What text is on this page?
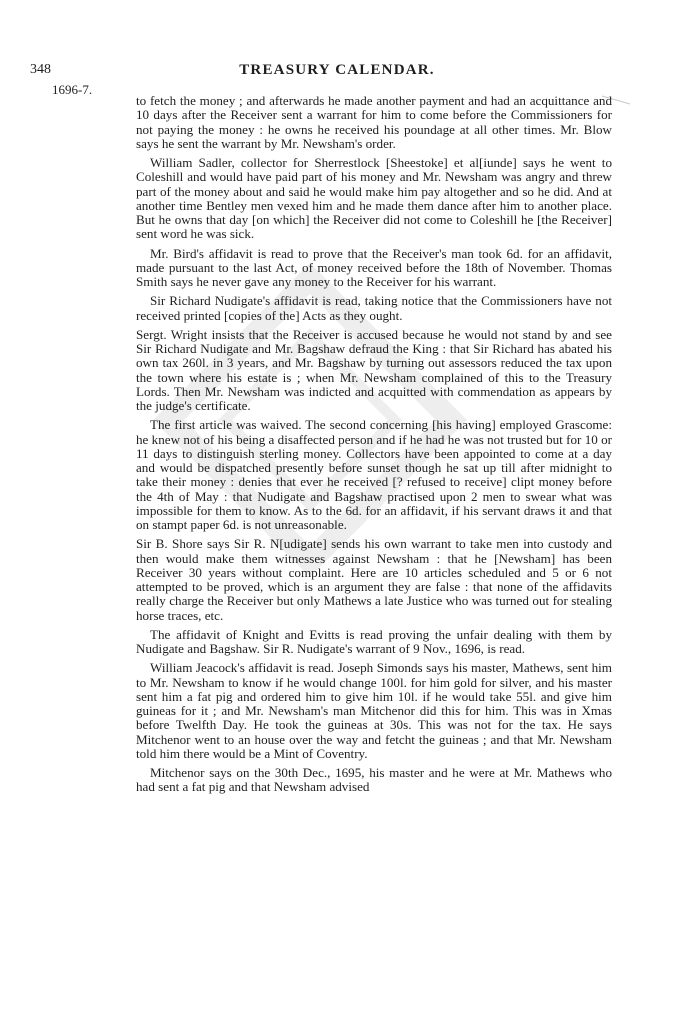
348	TREASURY CALENDAR.
1696-7.

to fetch the money ; and afterwards he made another payment and had an acquittance and 10 days after the Receiver sent a warrant for him to come before the Commissioners for not paying the money : he owns he received his poundage at all other times. Mr. Blow says he sent the warrant by Mr. Newsham's order.

William Sadler, collector for Sherrestlock [Sheestoke] et al[iunde] says he went to Coleshill and would have paid part of his money and Mr. Newsham was angry and threw part of the money about and said he would make him pay altogether and so he did. And at another time Bentley men vexed him and he made them dance after him to another place. But he owns that day [on which] the Receiver did not come to Coleshill he [the Receiver] sent word he was sick.

Mr. Bird's affidavit is read to prove that the Receiver's man took 6d. for an affidavit, made pursuant to the last Act, of money received before the 18th of November. Thomas Smith says he never gave any money to the Receiver for his warrant.

Sir Richard Nudigate's affidavit is read, taking notice that the Commissioners have not received printed [copies of the] Acts as they ought.

Sergt. Wright insists that the Receiver is accused because he would not stand by and see Sir Richard Nudigate and Mr. Bagshaw defraud the King : that Sir Richard has abated his own tax 260l. in 3 years, and Mr. Bagshaw by turning out assessors reduced the tax upon the town where his estate is ; when Mr. Newsham complained of this to the Treasury Lords. Then Mr. Newsham was indicted and acquitted with commendation as appears by the judge's certificate.

The first article was waived. The second concerning [his having] employed Grascome: he knew not of his being a disaffected person and if he had he was not trusted but for 10 or 11 days to distinguish sterling money. Collectors have been appointed to come at a day and would be dispatched presently before sunset though he sat up till after midnight to take their money : denies that ever he received [? refused to receive] clipt money before the 4th of May : that Nudigate and Bagshaw practised upon 2 men to swear what was impossible for them to know. As to the 6d. for an affidavit, if his servant draws it and that on stampt paper 6d. is not unreasonable.

Sir B. Shore says Sir R. N[udigate] sends his own warrant to take men into custody and then would make them witnesses against Newsham : that he [Newsham] has been Receiver 30 years without complaint. Here are 10 articles scheduled and 5 or 6 not attempted to be proved, which is an argument they are false : that none of the affidavits really charge the Receiver but only Mathews a late Justice who was turned out for stealing horse traces, etc.

The affidavit of Knight and Evitts is read proving the unfair dealing with them by Nudigate and Bagshaw. Sir R. Nudigate's warrant of 9 Nov., 1696, is read.

William Jeacock's affidavit is read. Joseph Simonds says his master, Mathews, sent him to Mr. Newsham to know if he would change 100l. for him gold for silver, and his master sent him a fat pig and ordered him to give him 10l. if he would take 55l. and give him guineas for it ; and Mr. Newsham's man Mitchenor did this for him. This was in Xmas before Twelfth Day. He took the guineas at 30s. This was not for the tax. He says Mitchenor went to an house over the way and fetcht the guineas ; and that Mr. Newsham told him there would be a Mint of Coventry.

Mitchenor says on the 30th Dec., 1695, his master and he were at Mr. Mathews who had sent a fat pig and that Newsham advised
